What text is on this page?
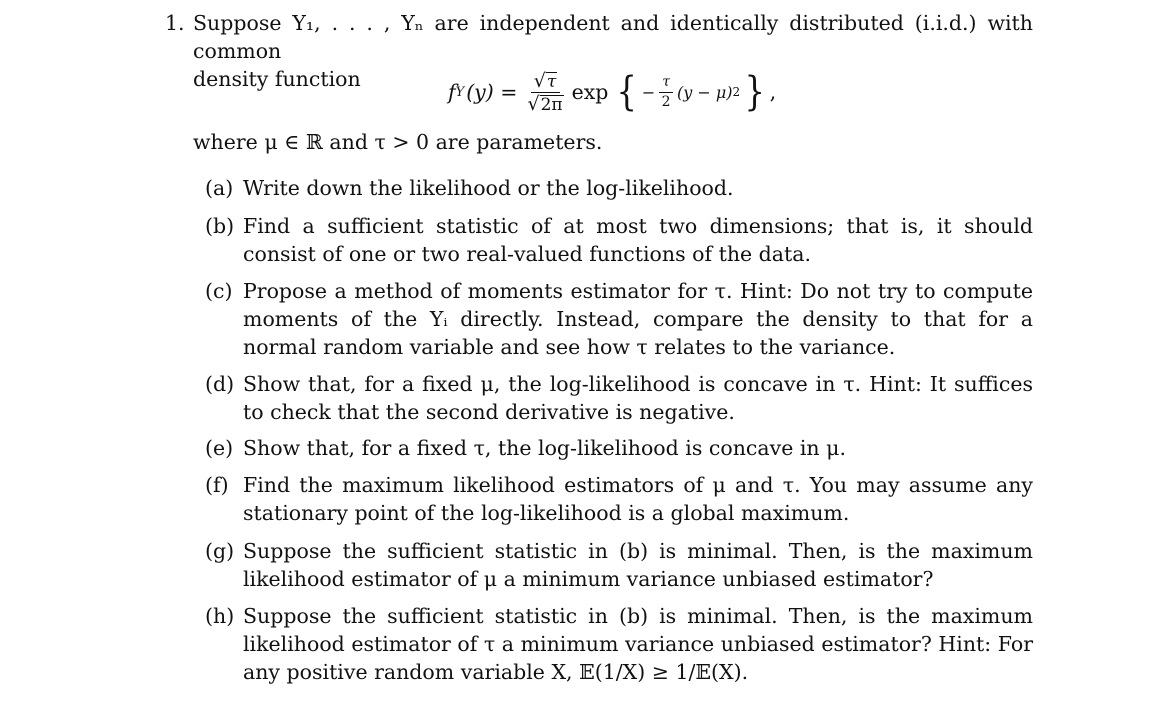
1. Suppose Y₁, . . . , Yₙ are independent and identically distributed (i.i.d.) with common
density function
f Y $(y) = \frac{√ \tau}{√ 2\pi}$ exp { − $\frac{\tau}{2} (y - \mu)$ 2 } ,
where μ ∈ ℝ and τ > 0 are parameters.
(a) Write down the likelihood or the log-likelihood.
(b) Find a sufficient statistic of at most two dimensions; that is, it should consist of one or two real-valued functions of the data.
(c) Propose a method of moments estimator for τ. Hint: Do not try to compute moments of the Yᵢ directly. Instead, compare the density to that for a normal random variable and see how τ relates to the variance.
(d) Show that, for a fixed μ, the log-likelihood is concave in τ. Hint: It suffices to check that the second derivative is negative.
(e) Show that, for a fixed τ, the log-likelihood is concave in μ.
(f) Find the maximum likelihood estimators of μ and τ. You may assume any stationary point of the log-likelihood is a global maximum.
(g) Suppose the sufficient statistic in (b) is minimal. Then, is the maximum likelihood estimator of μ a minimum variance unbiased estimator?
(h) Suppose the sufficient statistic in (b) is minimal. Then, is the maximum likelihood estimator of τ a minimum variance unbiased estimator? Hint: For any positive random variable X, 𝔼(1/X) ≥ 1/𝔼(X).
